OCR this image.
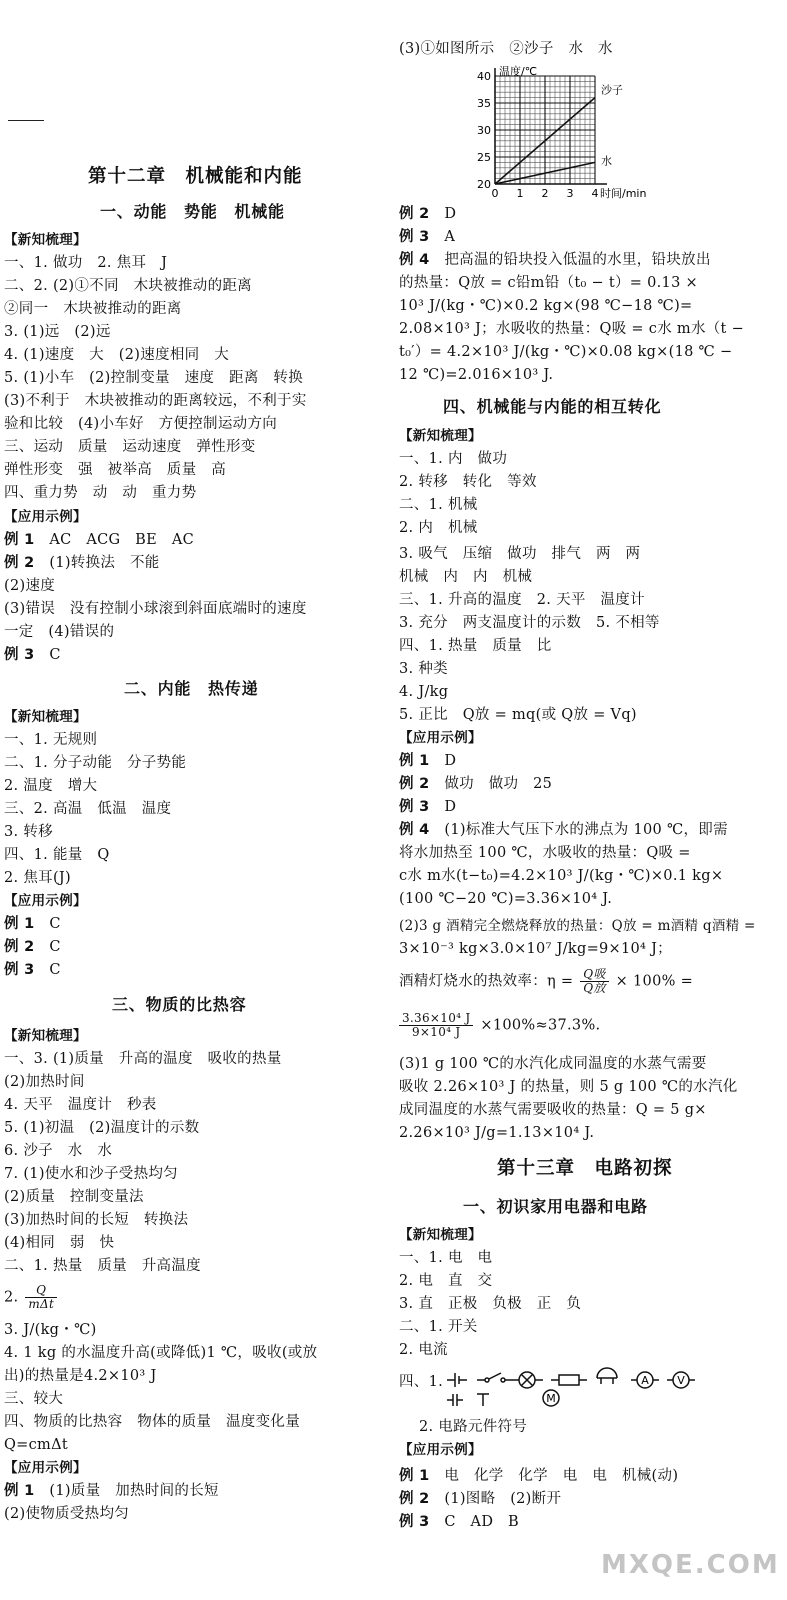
第十二章　机械能和内能
一、动能　势能　机械能
【新知梳理】
一、1. 做功　2. 焦耳　J
二、2. (2)①不同　木块被推动的距离
②同一　木块被推动的距离
3. (1)远　(2)远
4. (1)速度　大　(2)速度相同　大
5. (1)小车　(2)控制变量　速度　距离　转换
(3)不利于　木块被推动的距离较远，不利于实
验和比较　(4)小车好　方便控制运动方向
三、运动　质量　运动速度　弹性形变
弹性形变　强　被举高　质量　高
四、重力势　动　动　重力势
【应用示例】
例 1　 AC　ACG　BE　AC
例 2　 (1)转换法　不能
(2)速度
(3)错误　没有控制小球滚到斜面底端时的速度
一定　(4)错误的
例 3　 C
二、内能　热传递
【新知梳理】
一、1. 无规则
二、1. 分子动能　分子势能
2. 温度　增大
三、2. 高温　低温　温度
3. 转移
四、1. 能量　Q
2. 焦耳(J)
【应用示例】
例 1　 C
例 2　 C
例 3　 C
三、物质的比热容
【新知梳理】
一、3. (1)质量　升高的温度　吸收的热量
(2)加热时间
4. 天平　温度计　秒表
5. (1)初温　(2)温度计的示数
6. 沙子　水　水
7. (1)使水和沙子受热均匀
(2)质量　控制变量法
(3)加热时间的长短　转换法
(4)相同　弱　快
二、1. 热量　质量　升高温度
2. $\frac{Q}{\text{mΔt}}$
3. J/(kg・℃)
4. 1 kg 的水温度升高(或降低)1 ℃，吸收(或放
出)的热量是4.2×10³ J
三、较大
四、物质的比热容　物体的质量　温度变化量
Q=cmΔt
【应用示例】
例 1　 (1)质量　加热时间的长短
(2)使物质受热均匀
(3)①如图所示　②沙子　水　水
温度/℃
时间/min
沙子
水
0 1 2 3 4
20
25
30
35
40
例 2　 D
例 3　 A
例 4　 把高温的铅块投入低温的水里，铅块放出
的热量：Q放 = c铅m铅（t₀ − t）= 0.13 ×
10³ J/(kg・℃)×0.2 kg×(98 ℃−18 ℃)=
2.08×10³ J；水吸收的热量：Q吸 = c水 m水（t −
t₀′）= 4.2×10³ J/(kg・℃)×0.08 kg×(18 ℃ −
12 ℃)=2.016×10³ J.
四、机械能与内能的相互转化
【新知梳理】
一、1. 内　做功
2. 转移　转化　等效
二、1. 机械
2. 内　机械
3. 吸气　压缩　做功　排气　两　两
机械　内　内　机械
三、1. 升高的温度　2. 天平　温度计
3. 充分　两支温度计的示数　5. 不相等
四、1. 热量　质量　比
3. 种类
4. J/kg
5. 正比　Q放 = mq(或 Q放 = Vq)
【应用示例】
例 1　 D
例 2　 做功　做功　25
例 3　 D
例 4　 (1)标准大气压下水的沸点为 100 ℃，即需
将水加热至 100 ℃，水吸收的热量：Q吸 =
c水 m水(t−t₀)=4.2×10³ J/(kg・℃)×0.1 kg×
(100 ℃−20 ℃)=3.36×10⁴ J.
(2)3 g 酒精完全燃烧释放的热量：Q放 = m酒精 q酒精 =
3×10⁻³ kg×3.0×10⁷ J/kg=9×10⁴ J；
酒精灯烧水的热效率：$\eta = \frac{\text{Q吸}}{\text{Q放}} \times 100\%$ =
$\frac{\text{3.36×10⁴ J}}{\text{9×10⁴ J}} \times 100\%\approx 37.3\%$.
(3)1 g 100 ℃的水汽化成同温度的水蒸气需要
吸收 2.26×10³ J 的热量，则 5 g 100 ℃的水汽化
成同温度的水蒸气需要吸收的热量：Q = 5 g×
2.26×10³ J/g=1.13×10⁴ J.
第十三章　电路初探
一、初识家用电器和电路
【新知梳理】
一、1. 电　电
2. 电　直　交
3. 直　正极　负极　正　负
二、1. 开关
2. 电流
四、1.	A	V
M
2. 电路元件符号
【应用示例】
例 1　 电　化学　化学　电　电　机械(动)
例 2　 (1)图略　(2)断开
例 3　 C　AD　B
MXQE.COM
